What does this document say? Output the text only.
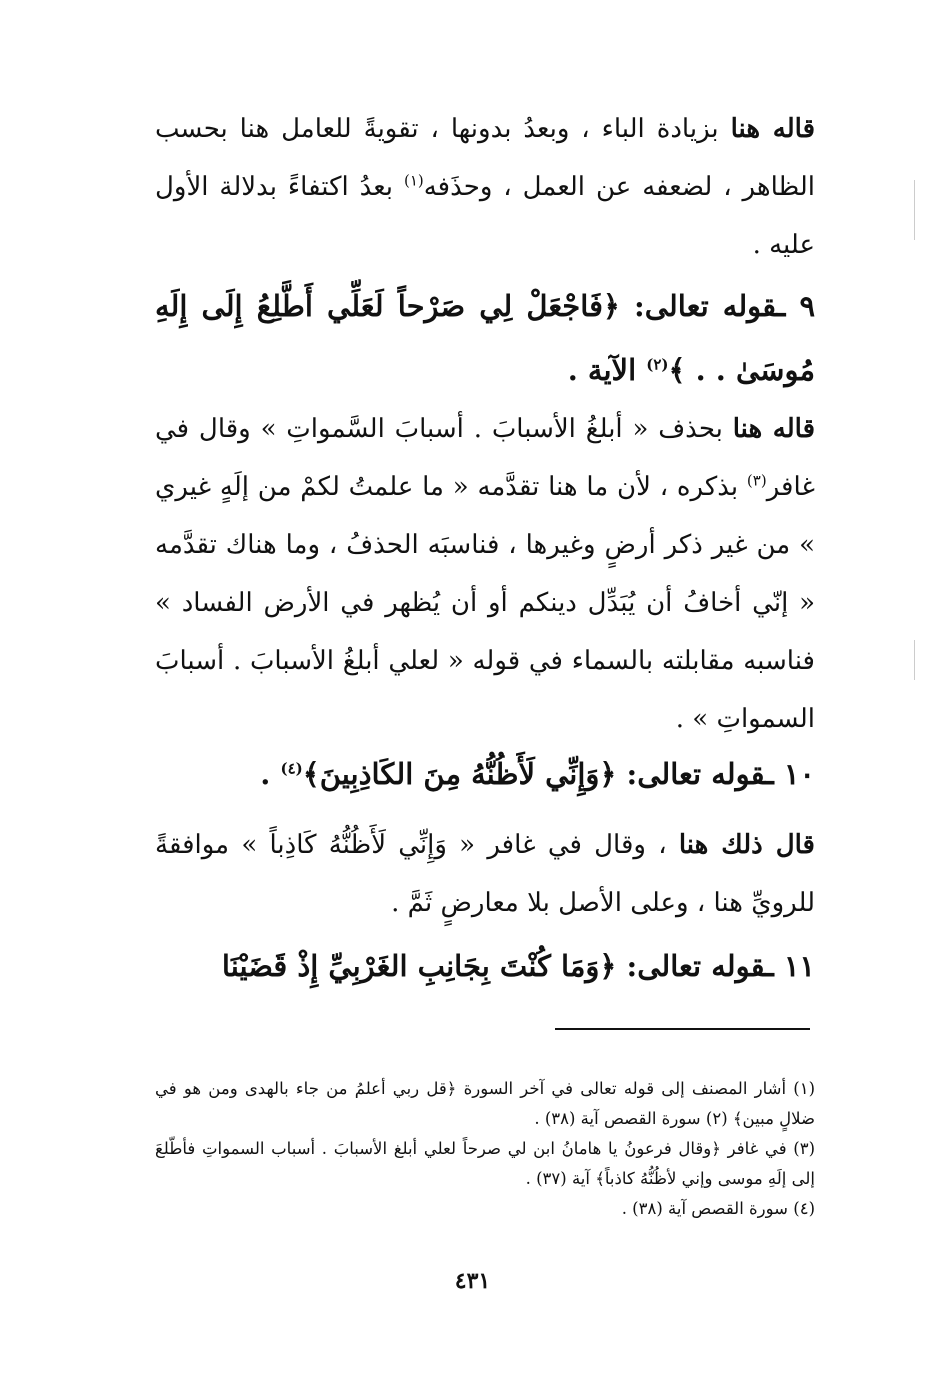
قاله هنا بزيادة الباء ، وبعدُ بدونها ، تقويةً للعامل هنا بحسب الظاهر ، لضعفه عن العمل ، وحذَفه$^{(١)}$ بعدُ اكتفاءً بدلالة الأول عليه .

٩ ـقوله تعالى: ﴿فَاجْعَلْ لِي صَرْحاً لَعَلِّي أَطَّلِعُ إِلَى إِلَهِ مُوسَىٰ . . ﴾$^{(٢)}$ الآية .

قاله هنا بحذف « أبلغُ الأسبابَ . أسبابَ السَّمواتِ » وقال في غافر$^{(٣)}$ بذكره ، لأن ما هنا تقدَّمه « ما علمتُ لكمْ من إلَهٍ غيري » من غير ذكر أرضٍ وغيرها ، فناسبَه الحذفُ ، وما هناك تقدَّمه « إنّي أخافُ أن يُبَدِّل دينكم أو أن يُظهر في الأرض الفساد » فناسبه مقابلته بالسماء في قوله « لعلي أبلغُ الأسبابَ . أسبابَ السمواتِ » .

١٠ ـقوله تعالى: ﴿وَإِنِّي لَأَظُنُّهُ مِنَ الكَاذِبِينَ﴾$^{(٤)}$ .

قال ذلك هنا ، وقال في غافر « وَإِنِّي لَأَظُنُّهُ كَاذِباً » موافقةً للرويِّ هنا ، وعلى الأصل بلا معارضٍ ثَمَّ .

١١ ـقوله تعالى: ﴿وَمَا كُنْتَ بِجَانِبِ الغَرْبِيِّ إِذْ قَضَيْنَا

(١) أشار المصنف إلى قوله تعالى في آخر السورة ﴿قل ربي أعلمُ من جاء بالهدى ومن هو في ضلالٍ مبين﴾ (٢) سورة القصص آية (٣٨) .

(٣) في غافر ﴿وقال فرعونُ يا هامانُ ابن لي صرحاً لعلي أبلغ الأسبابَ . أسباب السمواتِ فأطّلعَ إلى إلَهِ موسى وإني لأظُنُّهُ كاذباً﴾ آية (٣٧) .

(٤) سورة القصص آية (٣٨) .

٤٣١
